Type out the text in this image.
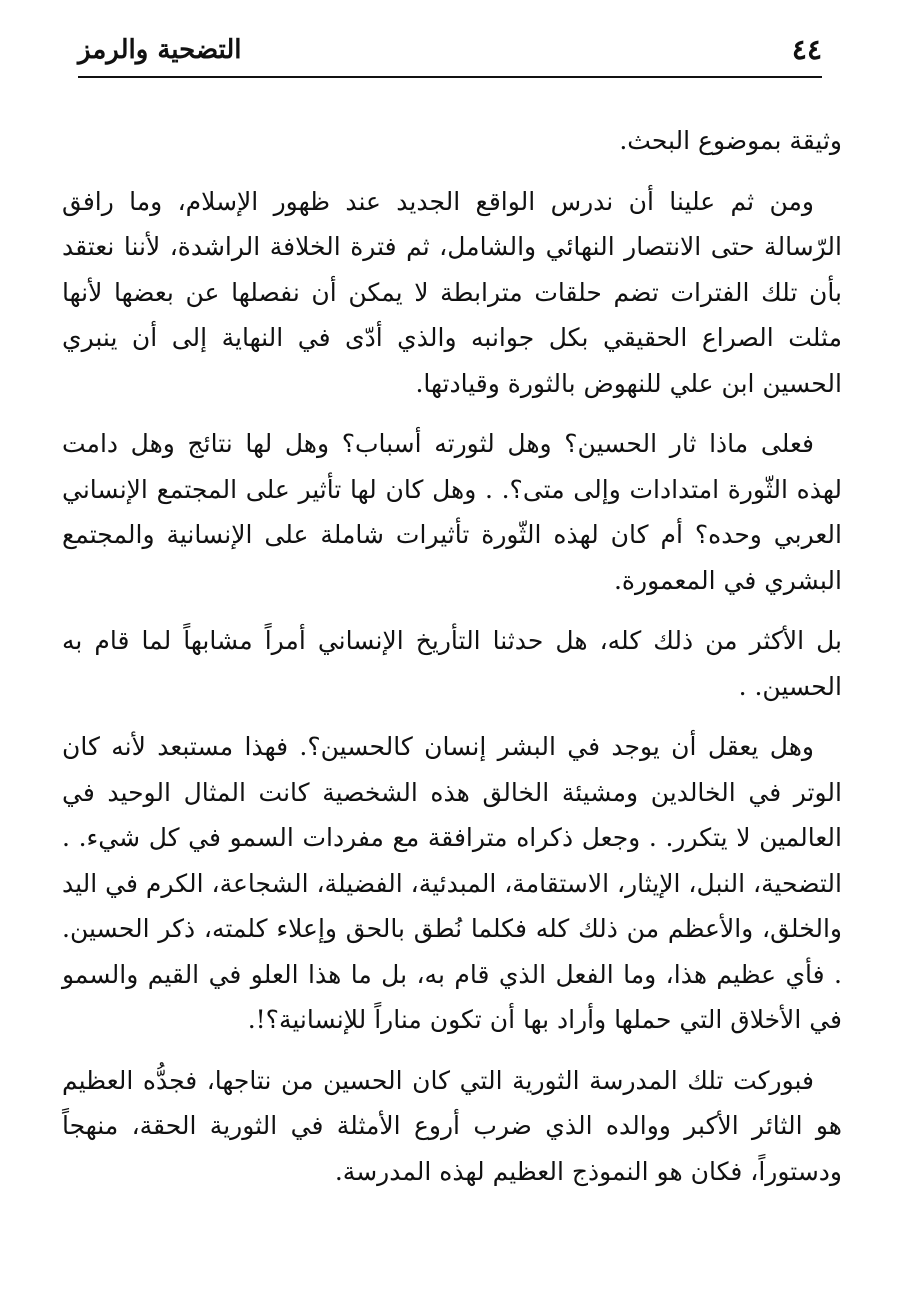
٤٤
التضحية والرمز

وثيقة بموضوع البحث.

ومن ثم علينا أن ندرس الواقع الجديد عند ظهور الإسلام، وما رافق الرّسالة حتى الانتصار النهائي والشامل، ثم فترة الخلافة الراشدة، لأننا نعتقد بأن تلك الفترات تضم حلقات مترابطة لا يمكن أن نفصلها عن بعضها لأنها مثلت الصراع الحقيقي بكل جوانبه والذي أدّى في النهاية إلى أن ينبري الحسين ابن علي للنهوض بالثورة وقيادتها.

فعلى ماذا ثار الحسين؟ وهل لثورته أسباب؟ وهل لها نتائج وهل دامت لهذه الثّورة امتدادات وإلى متى؟. . وهل كان لها تأثير على المجتمع الإنساني العربي وحده؟ أم كان لهذه الثّورة تأثيرات شاملة على الإنسانية والمجتمع البشري في المعمورة.

بل الأكثر من ذلك كله، هل حدثنا التأريخ الإنساني أمراً مشابهاً لما قام به الحسين. .

وهل يعقل أن يوجد في البشر إنسان كالحسين؟. فهذا مستبعد لأنه كان الوتر في الخالدين ومشيئة الخالق هذه الشخصية كانت المثال الوحيد في العالمين لا يتكرر. . وجعل ذكراه مترافقة مع مفردات السمو في كل شيء. . التضحية، النبل، الإيثار، الاستقامة، المبدئية، الفضيلة، الشجاعة، الكرم في اليد والخلق، والأعظم من ذلك كله فكلما نُطق بالحق وإعلاء كلمته، ذكر الحسين. . فأي عظيم هذا، وما الفعل الذي قام به، بل ما هذا العلو في القيم والسمو في الأخلاق التي حملها وأراد بها أن تكون مناراً للإنسانية؟!.

فبوركت تلك المدرسة الثورية التي كان الحسين من نتاجها، فجدُّه العظيم هو الثائر الأكبر ووالده الذي ضرب أروع الأمثلة في الثورية الحقة، منهجاً ودستوراً، فكان هو النموذج العظيم لهذه المدرسة.
